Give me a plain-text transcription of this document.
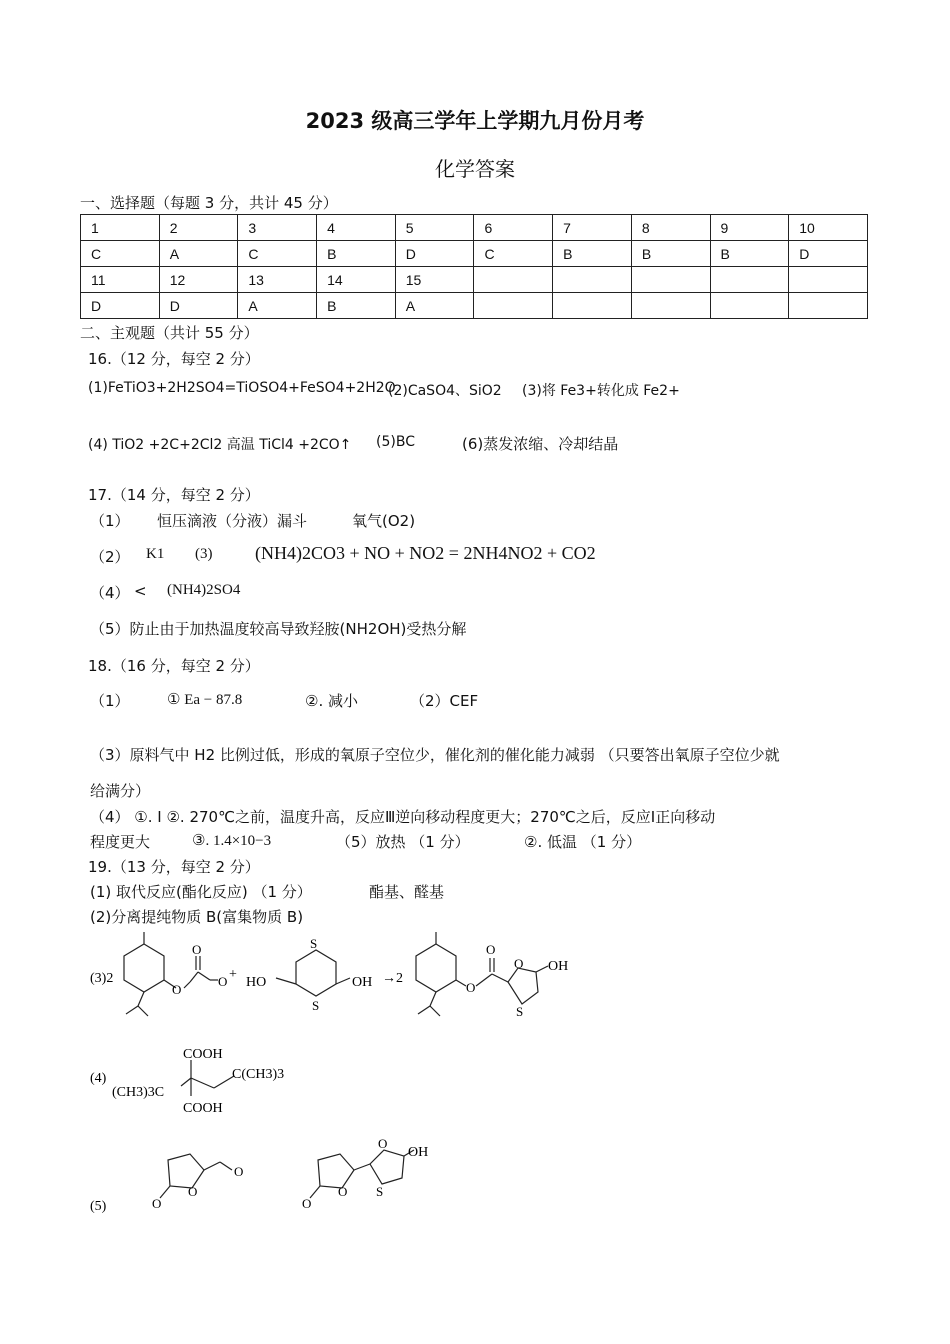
2023 级高三学年上学期九月份月考
化学答案
一、选择题（每题 3 分，共计 45 分）
1	2	3	4	5	6	7	8	9	10
C	A	C	B	D	C	B	B	B	D
11	12	13	14	15					
D	D	A	B	A					
二、主观题（共计 55 分）
16.（12 分，每空 2 分）
(1)FeTiO3+2H2SO4=TiOSO4+FeSO4+2H2O
(2)CaSO4、SiO2 (3)将 Fe3+转化成 Fe2+
(4) TiO2 +2C+2Cl2 高温 TiCl4 +2CO↑ (5)BC	(6)蒸发浓缩、冷却结晶
17.（14 分，每空 2 分）
（1） 恒压滴液（分液）漏斗	氧气(O2)
（2） K1 (3) (NH4)2CO3 + NO + NO2 = 2NH4NO2 + CO2
（4） < (NH4)2SO4
（5）防止由于加热温度较高导致羟胺(NH2OH)受热分解
18.（16 分，每空 2 分）
（1） ① Ea − 87.8	②. 减小	（2）CEF
（3）原料气中 H2 比例过低，形成的氧原子空位少，催化剂的催化能力减弱 （只要答出氧原子空位少就
给满分）
（4） ①. Ⅰ ②. 270℃之前，温度升高，反应Ⅲ逆向移动程度更大；270℃之后，反应Ⅰ正向移动
程度更大	③. 1.4×10−3	（5）放热 （1 分）	②. 低温 （1 分）
19.（13 分，每空 2 分）
(1) 取代反应(酯化反应) （1 分）	酯基、醛基
(2)分离提纯物质 B(富集物质 B)
(3)2
O
O
O +
HO
S
S
OH →2
O
O
O
S
OH
(4)
COOH
C(CH3)3
(CH3)3C
COOH
(5)	O
O
O
O
O
O
S
OH
